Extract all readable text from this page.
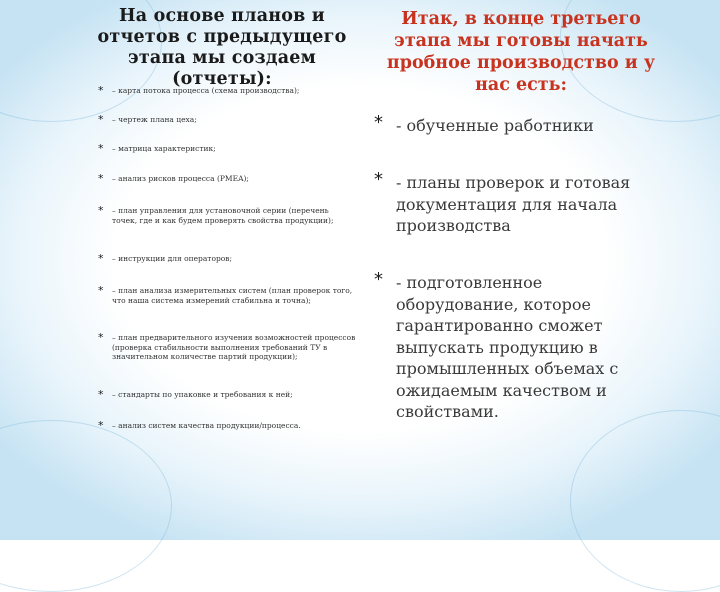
На основе планов и отчетов с предыдущего этапа мы создаем (отчеты):
* – карта потока процесса (схема производства);
* – чертеж плана цеха;
* – матрица характеристик;
* – анализ рисков процесса (PMEA);
* – план управления для установочной серии (перечень точек, где и как будем проверять свойства продукции);
* – инструкции для операторов;
* – план анализа измерительных систем (план проверок того, что наша система измерений стабильна и точна);
* – план предварительного изучения возможностей процессов (проверка стабильности выполнения требований ТУ в значительном количестве партий продукции);
* – стандарты по упаковке и требования к ней;
* – анализ систем качества продукции/процесса.
Итак, в конце третьего этапа мы готовы начать пробное производство и у нас есть:
* - обученные работники
* - планы проверок и готовая документация для начала производства
* - подготовленное оборудование, которое гарантированно сможет выпускать продукцию в промышленных объемах с ожидаемым качеством и свойствами.
